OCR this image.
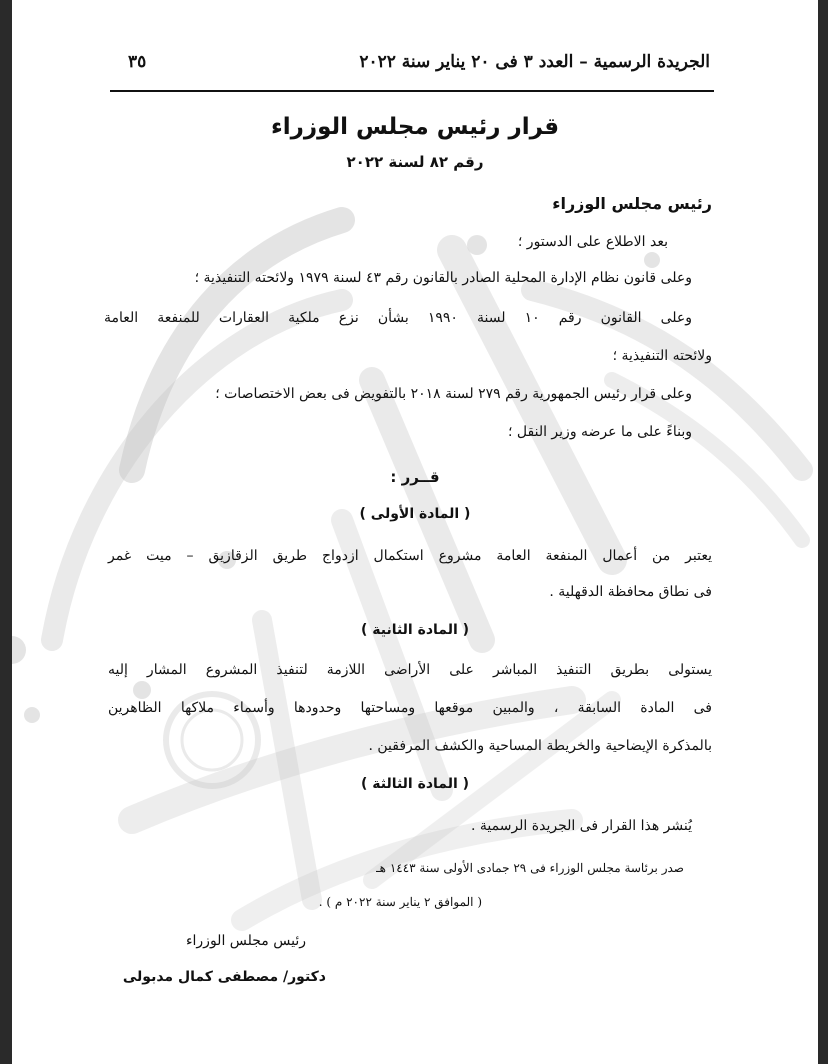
الجريدة الرسمية – العدد ٣ فى ٢٠ يناير سنة ٢٠٢٢
٣٥
قرار رئيس مجلس الوزراء
رقم ٨٢ لسنة ٢٠٢٢
رئيس مجلس الوزراء
بعد الاطلاع على الدستور ؛
وعلى قانون نظام الإدارة المحلية الصادر بالقانون رقم ٤٣ لسنة ١٩٧٩ ولائحته التنفيذية ؛
وعلى القانون رقم ١٠ لسنة ١٩٩٠ بشأن نزع ملكية العقارات للمنفعة العامة
ولائحته التنفيذية ؛
وعلى قرار رئيس الجمهورية رقم ٢٧٩ لسنة ٢٠١٨ بالتفويض فى بعض الاختصاصات ؛
وبناءً على ما عرضه وزير النقل ؛
قــرر :
( المادة الأولى )
يعتبر من أعمال المنفعة العامة مشروع استكمال ازدواج طريق الزقازيق – ميت غمر
فى نطاق محافظة الدقهلية .
( المادة الثانية )
يستولى بطريق التنفيذ المباشر على الأراضى اللازمة لتنفيذ المشروع المشار إليه
فى المادة السابقة ، والمبين موقعها ومساحتها وحدودها وأسماء ملاكها الظاهرين
بالمذكرة الإيضاحية والخريطة المساحية والكشف المرفقين .
( المادة الثالثة )
يُنشر هذا القرار فى الجريدة الرسمية .
صدر برئاسة مجلس الوزراء فى ٢٩ جمادى الأولى سنة ١٤٤٣ هـ
( الموافق ٢ يناير سنة ٢٠٢٢ م ) .
رئيس مجلس الوزراء
دكتور/ مصطفى كمال مدبولى
